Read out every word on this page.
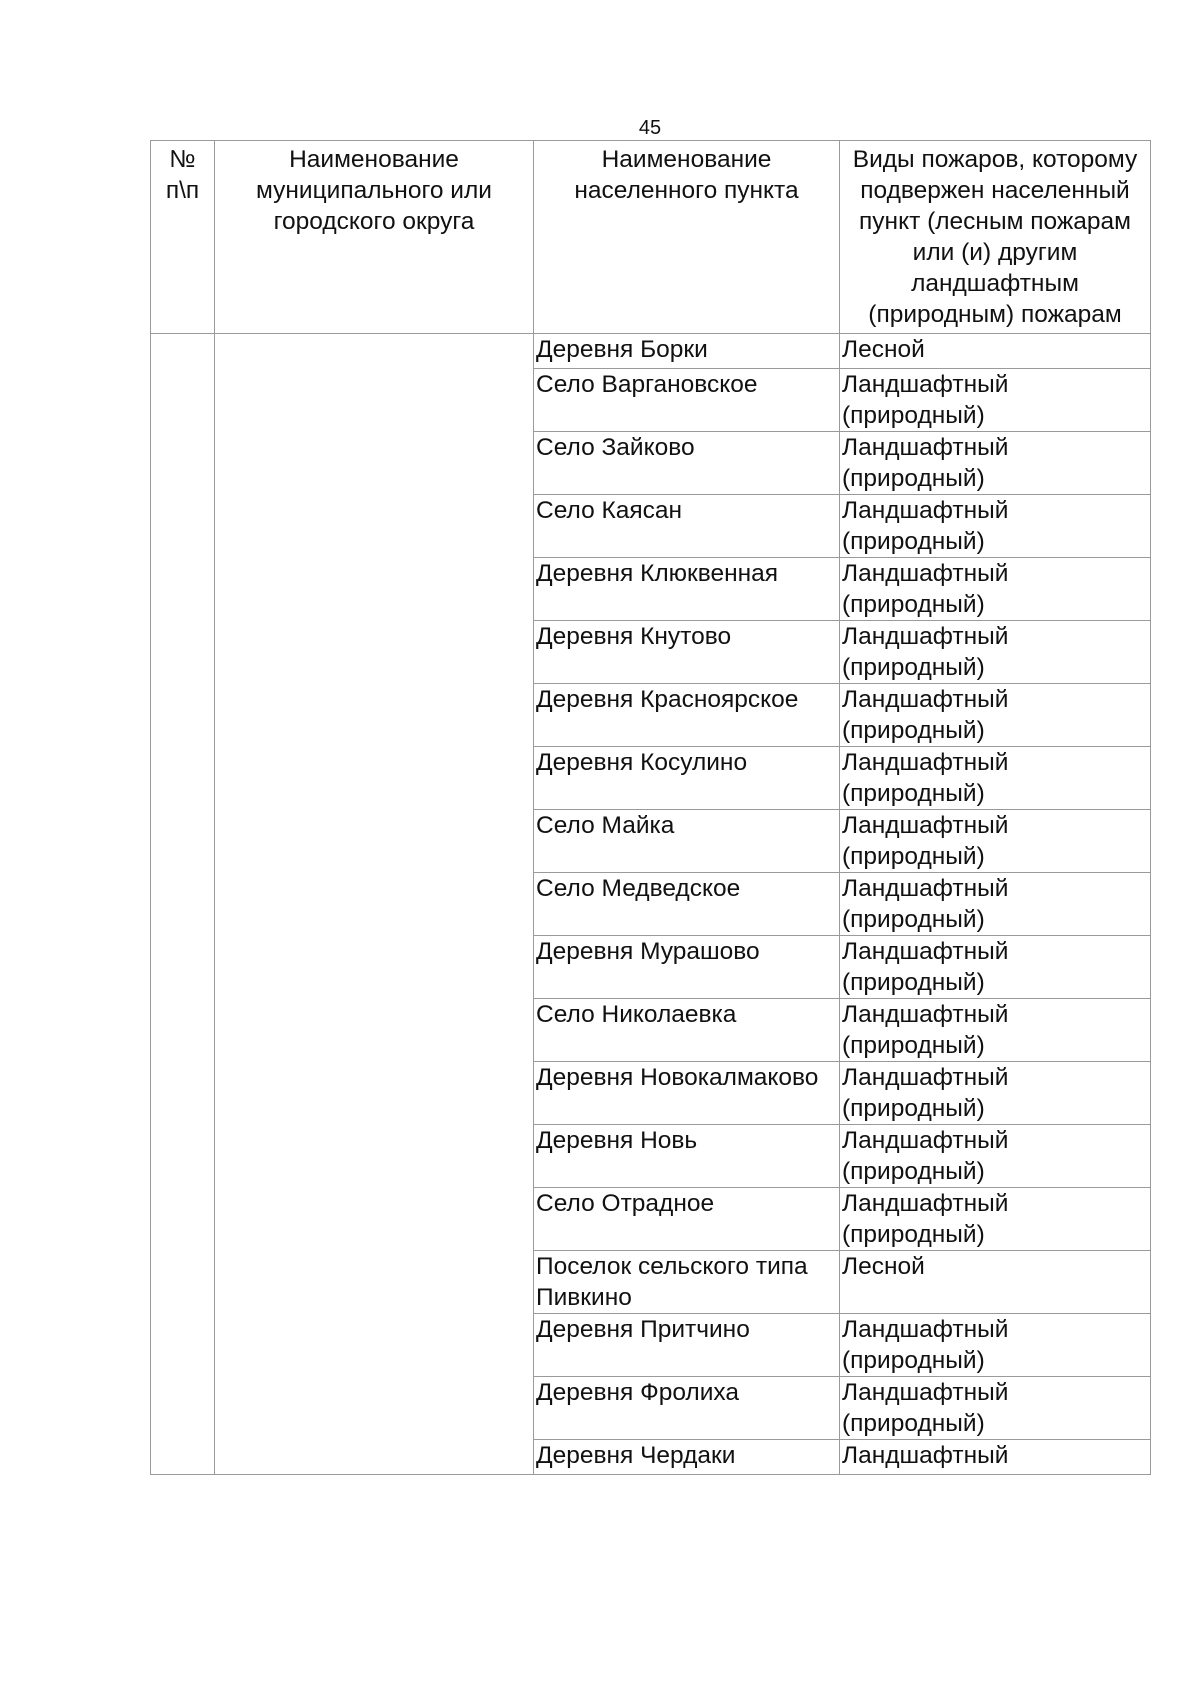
45
№ п\п	Наименование муниципального или городского округа	Наименование населенного пункта	Виды пожаров, которому подвержен населенный пункт (лесным пожарам или (и) другим ландшафтным (природным) пожарам
		Деревня Борки	Лесной
		Село Варгановское	Ландшафтный (природный)
		Село Зайково	Ландшафтный (природный)
		Село Каясан	Ландшафтный (природный)
		Деревня Клюквенная	Ландшафтный (природный)
		Деревня Кнутово	Ландшафтный (природный)
		Деревня Красноярское	Ландшафтный (природный)
		Деревня Косулино	Ландшафтный (природный)
		Село Майка	Ландшафтный (природный)
		Село Медведское	Ландшафтный (природный)
		Деревня Мурашово	Ландшафтный (природный)
		Село Николаевка	Ландшафтный (природный)
		Деревня Новокалмаково	Ландшафтный (природный)
		Деревня Новь	Ландшафтный (природный)
		Село Отрадное	Ландшафтный (природный)
		Поселок сельского типа Пивкино	Лесной
		Деревня Притчино	Ландшафтный (природный)
		Деревня Фролиха	Ландшафтный (природный)
		Деревня Чердаки	Ландшафтный
